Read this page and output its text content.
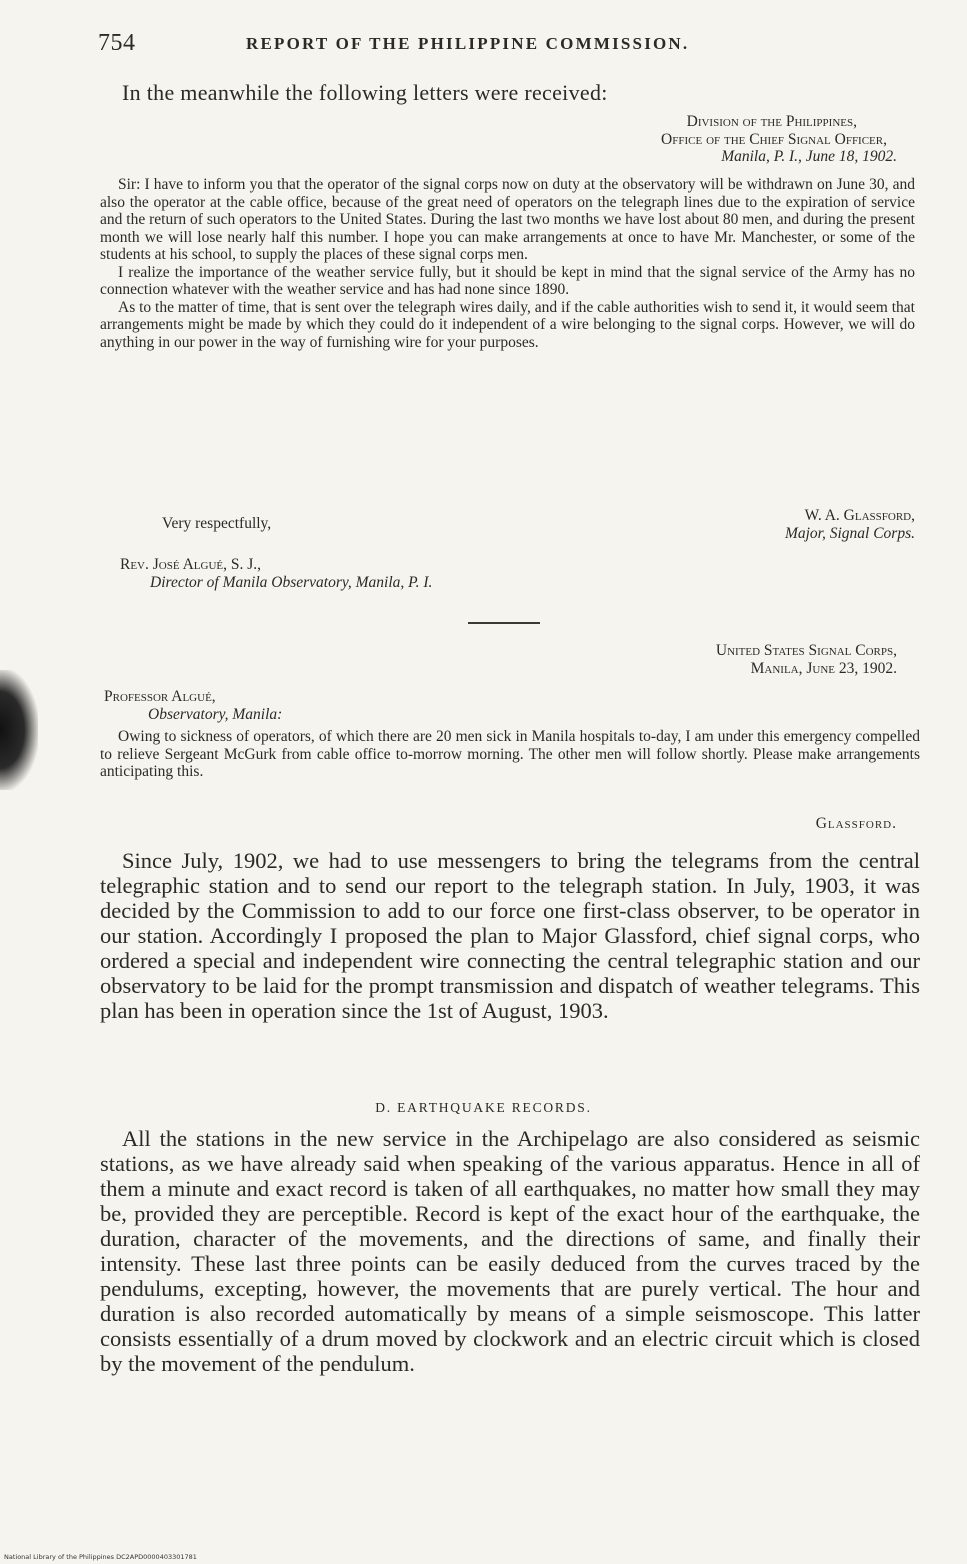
754	REPORT OF THE PHILIPPINE COMMISSION.
In the meanwhile the following letters were received:
Division of the Philippines,
Office of the Chief Signal Officer,
Manila, P. I., June 18, 1902.

Sir: I have to inform you that the operator of the signal corps now on duty at the observatory will be withdrawn on June 30, and also the operator at the cable office, because of the great need of operators on the telegraph lines due to the expiration of service and the return of such operators to the United States. During the last two months we have lost about 80 men, and during the present month we will lose nearly half this number. I hope you can make arrangements at once to have Mr. Manchester, or some of the students at his school, to supply the places of these signal corps men.

I realize the importance of the weather service fully, but it should be kept in mind that the signal service of the Army has no connection whatever with the weather service and has had none since 1890.

As to the matter of time, that is sent over the telegraph wires daily, and if the cable authorities wish to send it, it would seem that arrangements might be made by which they could do it independent of a wire belonging to the signal corps. However, we will do anything in our power in the way of furnishing wire for your purposes.

Very respectfully,	W. A. Glassford,
Major, Signal Corps.
Rev. José Algué, S. J.,
Director of Manila Observatory, Manila, P. I.
United States Signal Corps,
Manila, June 23, 1902.
Professor Algué,
Observatory, Manila:

Owing to sickness of operators, of which there are 20 men sick in Manila hospitals to-day, I am under this emergency compelled to relieve Sergeant McGurk from cable office to-morrow morning. The other men will follow shortly. Please make arrangements anticipating this.

Glassford.

Since July, 1902, we had to use messengers to bring the telegrams from the central telegraphic station and to send our report to the telegraph station. In July, 1903, it was decided by the Commission to add to our force one first-class observer, to be operator in our station. Accordingly I proposed the plan to Major Glassford, chief signal corps, who ordered a special and independent wire connecting the central telegraphic station and our observatory to be laid for the prompt transmission and dispatch of weather telegrams. This plan has been in operation since the 1st of August, 1903.

D. EARTHQUAKE RECORDS.

All the stations in the new service in the Archipelago are also considered as seismic stations, as we have already said when speaking of the various apparatus. Hence in all of them a minute and exact record is taken of all earthquakes, no matter how small they may be, provided they are perceptible. Record is kept of the exact hour of the earthquake, the duration, character of the movements, and the directions of same, and finally their intensity. These last three points can be easily deduced from the curves traced by the pendulums, excepting, however, the movements that are purely vertical. The hour and duration is also recorded automatically by means of a simple seismoscope. This latter consists essentially of a drum moved by clockwork and an electric circuit which is closed by the movement of the pendulum.

National Library of the Philippines DC2APD0000403301781
